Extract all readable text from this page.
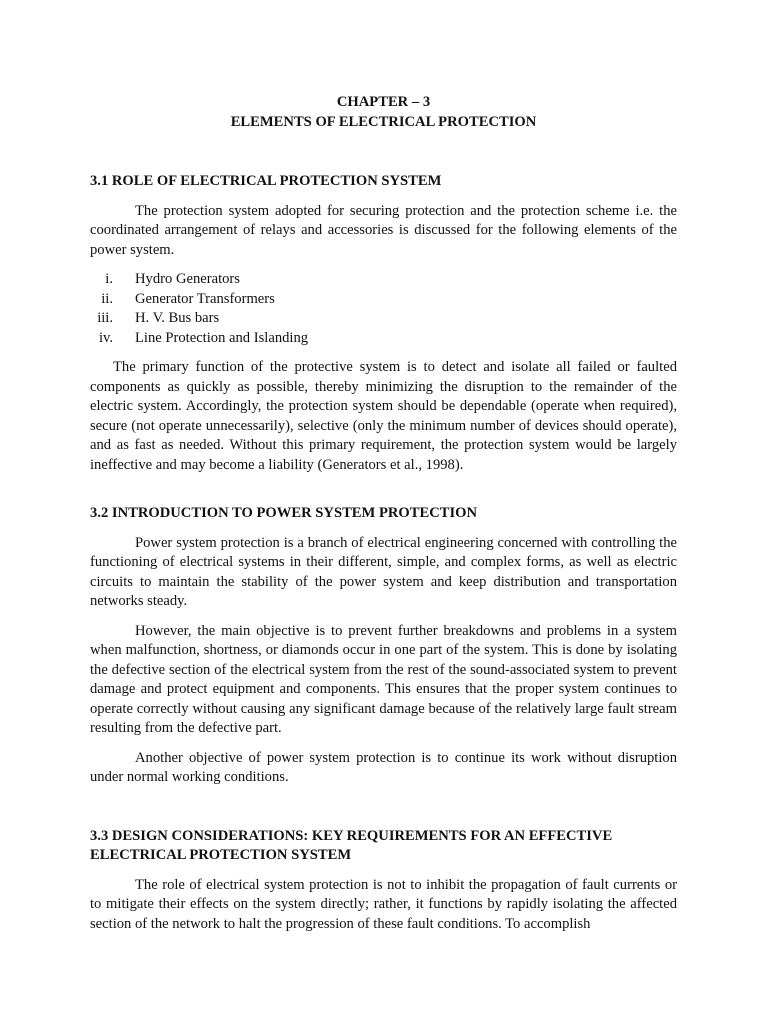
CHAPTER – 3
ELEMENTS OF ELECTRICAL PROTECTION
3.1 ROLE OF ELECTRICAL PROTECTION SYSTEM

The protection system adopted for securing protection and the protection scheme i.e. the coordinated arrangement of relays and accessories is discussed for the following elements of the power system.

i. Hydro Generators
ii. Generator Transformers
iii. H. V. Bus bars
iv. Line Protection and Islanding

The primary function of the protective system is to detect and isolate all failed or faulted components as quickly as possible, thereby minimizing the disruption to the remainder of the electric system. Accordingly, the protection system should be dependable (operate when required), secure (not operate unnecessarily), selective (only the minimum number of devices should operate), and as fast as needed. Without this primary requirement, the protection system would be largely ineffective and may become a liability (Generators et al., 1998).

3.2 INTRODUCTION TO POWER SYSTEM PROTECTION

Power system protection is a branch of electrical engineering concerned with controlling the functioning of electrical systems in their different, simple, and complex forms, as well as electric circuits to maintain the stability of the power system and keep distribution and transportation networks steady.

However, the main objective is to prevent further breakdowns and problems in a system when malfunction, shortness, or diamonds occur in one part of the system. This is done by isolating the defective section of the electrical system from the rest of the sound-associated system to prevent damage and protect equipment and components. This ensures that the proper system continues to operate correctly without causing any significant damage because of the relatively large fault stream resulting from the defective part.

Another objective of power system protection is to continue its work without disruption under normal working conditions.

3.3 DESIGN CONSIDERATIONS: KEY REQUIREMENTS FOR AN EFFECTIVE
ELECTRICAL PROTECTION SYSTEM

The role of electrical system protection is not to inhibit the propagation of fault currents or to mitigate their effects on the system directly; rather, it functions by rapidly isolating the affected section of the network to halt the progression of these fault conditions. To accomplish
